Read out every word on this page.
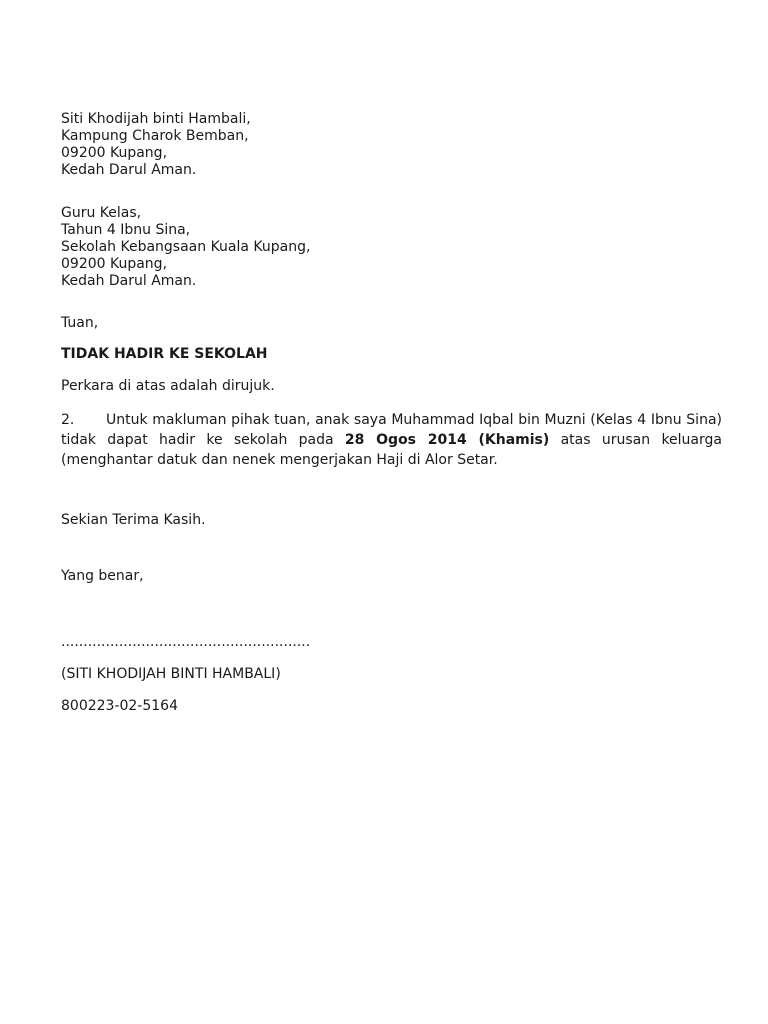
Siti Khodijah binti Hambali,
Kampung Charok Bemban,
09200 Kupang,
Kedah Darul Aman.
Guru Kelas,
Tahun 4 Ibnu Sina,
Sekolah Kebangsaan Kuala Kupang,
09200 Kupang,
Kedah Darul Aman.
Tuan,
TIDAK HADIR KE SEKOLAH
Perkara di atas adalah dirujuk.
2. Untuk makluman pihak tuan, anak saya Muhammad Iqbal bin Muzni (Kelas 4 Ibnu Sina) tidak dapat hadir ke sekolah pada 28 Ogos 2014 (Khamis) atas urusan keluarga (menghantar datuk dan nenek mengerjakan Haji di Alor Setar.
Sekian Terima Kasih.
Yang benar,
........................................................
(SITI KHODIJAH BINTI HAMBALI)
800223-02-5164
